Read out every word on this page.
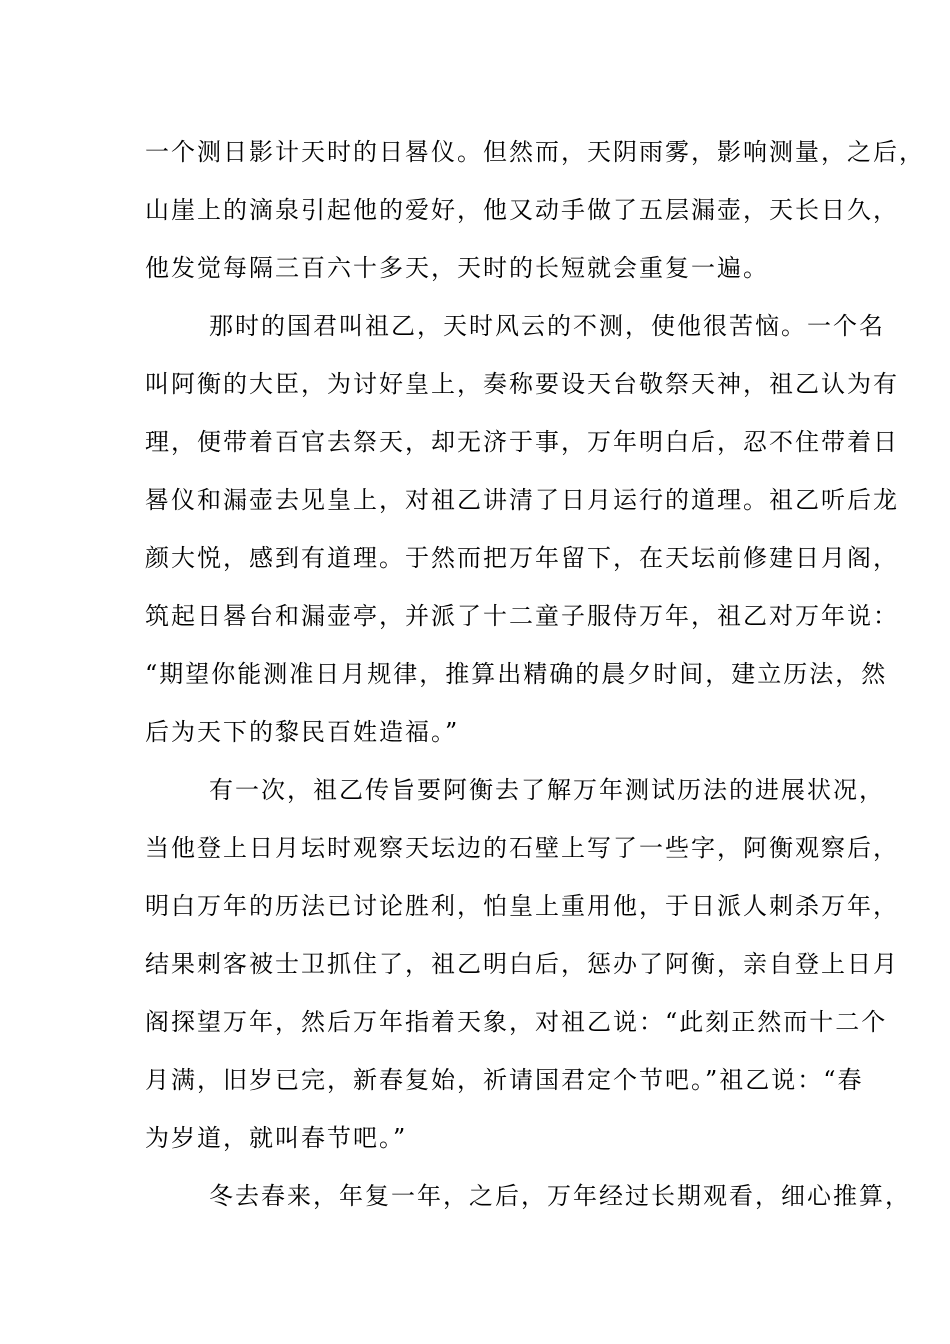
一个测日影计天时的日晷仪。但然而，天阴雨雾，影响测量，之后，
山崖上的滴泉引起他的爱好，他又动手做了五层漏壶，天长日久，
他发觉每隔三百六十多天，天时的长短就会重复一遍。
那时的国君叫祖乙，天时风云的不测，使他很苦恼。一个名
叫阿衡的大臣，为讨好皇上，奏称要设天台敬祭天神，祖乙认为有
理，便带着百官去祭天，却无济于事，万年明白后，忍不住带着日
晷仪和漏壶去见皇上，对祖乙讲清了日月运行的道理。祖乙听后龙
颜大悦，感到有道理。于然而把万年留下，在天坛前修建日月阁，
筑起日晷台和漏壶亭，并派了十二童子服侍万年，祖乙对万年说：
“期望你能测准日月规律，推算出精确的晨夕时间，建立历法，然
后为天下的黎民百姓造福。”
有一次，祖乙传旨要阿衡去了解万年测试历法的进展状况，
当他登上日月坛时观察天坛边的石壁上写了一些字，阿衡观察后，
明白万年的历法已讨论胜利，怕皇上重用他，于日派人刺杀万年，
结果刺客被士卫抓住了，祖乙明白后，惩办了阿衡，亲自登上日月
阁探望万年，然后万年指着天象，对祖乙说：“此刻正然而十二个
月满，旧岁已完，新春复始，祈请国君定个节吧。”祖乙说：“春
为岁道，就叫春节吧。”
冬去春来，年复一年，之后，万年经过长期观看，细心推算，
